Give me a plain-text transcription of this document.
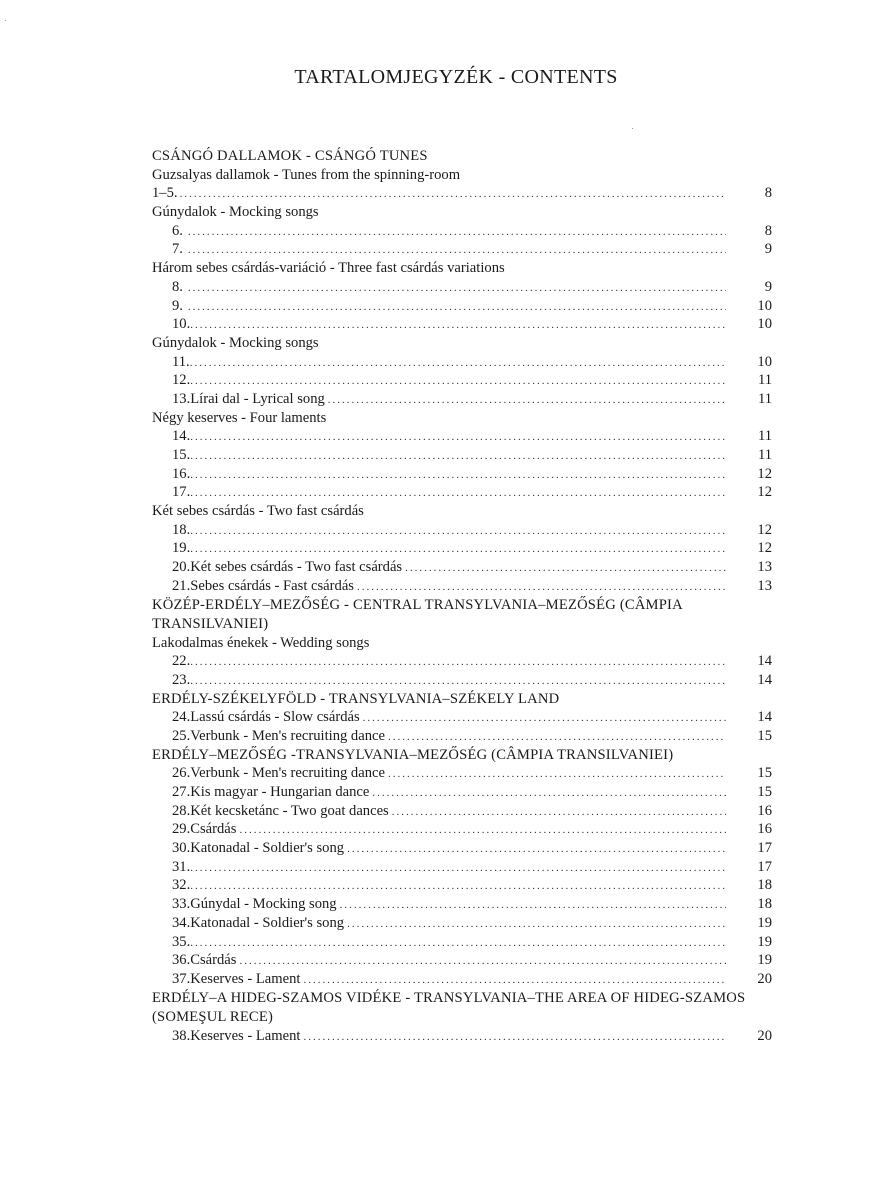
TARTALOMJEGYZÉK - CONTENTS
CSÁNGÓ DALLAMOK - CSÁNGÓ TUNES
Guzsalyas dallamok - Tunes from the spinning-room
1–5. .....	8
Gúnydalok - Mocking songs
6. .....	8
7. .....	9
Három sebes csárdás-variáció - Three fast csárdás variations
8. .....	9
9. .....	10
10. .....	10
Gúnydalok - Mocking songs
11. .....	10
12. .....	11
13. Lírai dal - Lyrical song .....	11
Négy keserves - Four laments
14. .....	11
15. .....	11
16. .....	12
17. .....	12
Két sebes csárdás - Two fast csárdás
18. .....	12
19. .....	12
20. Két sebes csárdás - Two fast csárdás .....	13
21. Sebes csárdás - Fast csárdás .....	13
KÖZÉP-ERDÉLY–MEZŐSÉG - CENTRAL TRANSYLVANIA–MEZŐSÉG (CÂMPIA TRANSILVANIEI)
Lakodalmas énekek - Wedding songs
22. .....	14
23. .....	14
ERDÉLY-SZÉKELYFÖLD - TRANSYLVANIA–SZÉKELY LAND
24. Lassú csárdás - Slow csárdás .....	14
25. Verbunk - Men's recruiting dance .....	15
ERDÉLY–MEZŐSÉG -TRANSYLVANIA–MEZŐSÉG (CÂMPIA TRANSILVANIEI)
26. Verbunk - Men's recruiting dance .....	15
27. Kis magyar - Hungarian dance .....	15
28. Két kecsketánc - Two goat dances .....	16
29. Csárdás .....	16
30. Katonadal - Soldier's song .....	17
31. .....	17
32. .....	18
33. Gúnydal - Mocking song .....	18
34. Katonadal - Soldier's song .....	19
35. .....	19
36. Csárdás .....	19
37. Keserves - Lament .....	20
ERDÉLY–A HIDEG-SZAMOS VIDÉKE - TRANSYLVANIA–THE AREA OF HIDEG-SZAMOS (SOMEŞUL RECE)
38. Keserves - Lament .....	20
